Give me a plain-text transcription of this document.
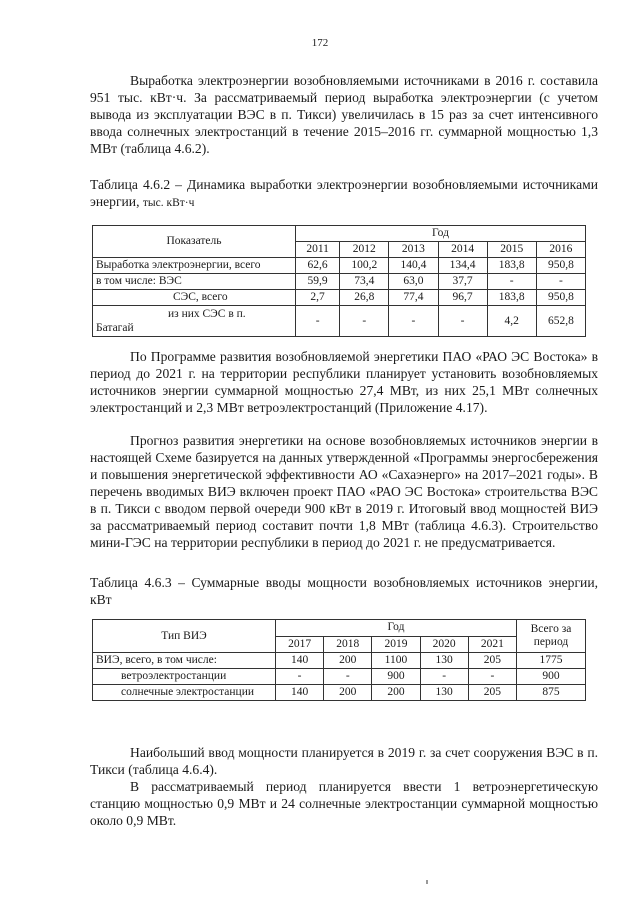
172

Выработка электроэнергии возобновляемыми источниками в 2016 г. составила 951 тыс. кВт·ч. За рассматриваемый период выработка электроэнергии (с учетом вывода из эксплуатации ВЭС в п. Тикси) увеличилась в 15 раз за счет интенсивного ввода солнечных электростанций в течение 2015–2016 гг. суммарной мощностью 1,3 МВт (таблица 4.6.2).

Таблица 4.6.2 – Динамика выработки электроэнергии возобновляемыми источниками энергии, тыс. кВт·ч

Показатель	Год					
	2011	2012	2013	2014	2015	2016
Выработка электроэнергии, всего	62,6	100,2	140,4	134,4	183,8	950,8
в том числе: ВЭС	59,9	73,4	63,0	37,7	-	-
СЭС, всего	2,7	26,8	77,4	96,7	183,8	950,8

из них СЭС в п.
Батагай	-	-	-	-	4,2	652,8

По Программе развития возобновляемой энергетики ПАО «РАО ЭС Востока» в период до 2021 г. на территории республики планирует установить возобновляемых источников энергии суммарной мощностью 27,4 МВт, из них 25,1 МВт солнечных электростанций и 2,3 МВт ветроэлектростанций (Приложение 4.17).

Прогноз развития энергетики на основе возобновляемых источников энергии в настоящей Схеме базируется на данных утвержденной «Программы энергосбережения и повышения энергетической эффективности АО «Сахаэнерго» на 2017–2021 годы». В перечень вводимых ВИЭ включен проект ПАО «РАО ЭС Востока» строительства ВЭС в п. Тикси с вводом первой очереди 900 кВт в 2019 г. Итоговый ввод мощностей ВИЭ за рассматриваемый период составит почти 1,8 МВт (таблица 4.6.3). Строительство мини-ГЭС на территории республики в период до 2021 г. не предусматривается.

Таблица 4.6.3 – Суммарные вводы мощности возобновляемых источников энергии, кВт

Тип ВИЭ	Год					Всего за период
	2017	2018	2019	2020	2021	
ВИЭ, всего, в том числе:	140	200	1100	130	205	1775
ветроэлектростанции	-	-	900	-	-	900
солнечные электростанции	140	200	200	130	205	875

Наибольший ввод мощности планируется в 2019 г. за счет сооружения ВЭС в п. Тикси (таблица 4.6.4).

В рассматриваемый период планируется ввести 1 ветроэнергетическую станцию мощностью 0,9 МВт и 24 солнечные электростанции суммарной мощностью около 0,9 МВт.
